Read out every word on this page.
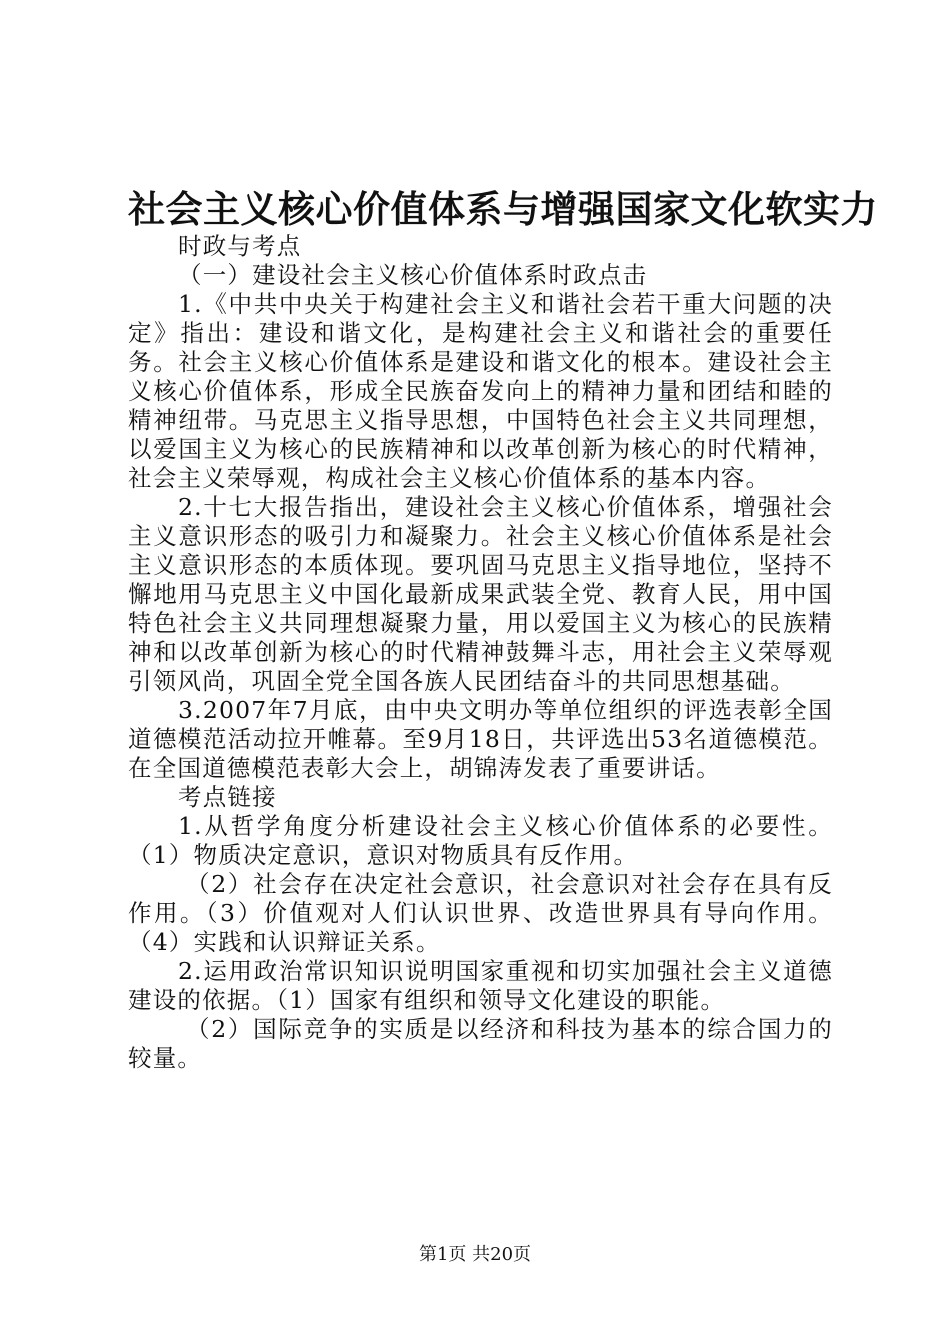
社会主义核心价值体系与增强国家文化软实力

时政与考点

（一）建设社会主义核心价值体系时政点击

1.《中共中央关于构建社会主义和谐社会若干重大问题的决定》指出：建设和谐文化，是构建社会主义和谐社会的重要任务。社会主义核心价值体系是建设和谐文化的根本。建设社会主义核心价值体系，形成全民族奋发向上的精神力量和团结和睦的精神纽带。马克思主义指导思想，中国特色社会主义共同理想，以爱国主义为核心的民族精神和以改革创新为核心的时代精神，社会主义荣辱观，构成社会主义核心价值体系的基本内容。

2.十七大报告指出，建设社会主义核心价值体系，增强社会主义意识形态的吸引力和凝聚力。社会主义核心价值体系是社会主义意识形态的本质体现。要巩固马克思主义指导地位，坚持不懈地用马克思主义中国化最新成果武装全党、教育人民，用中国特色社会主义共同理想凝聚力量，用以爱国主义为核心的民族精神和以改革创新为核心的时代精神鼓舞斗志，用社会主义荣辱观引领风尚，巩固全党全国各族人民团结奋斗的共同思想基础。

3.2007年7月底，由中央文明办等单位组织的评选表彰全国道德模范活动拉开帷幕。至9月18日，共评选出53名道德模范。在全国道德模范表彰大会上，胡锦涛发表了重要讲话。

考点链接

1.从哲学角度分析建设社会主义核心价值体系的必要性。（1）物质决定意识，意识对物质具有反作用。

（2）社会存在决定社会意识，社会意识对社会存在具有反作用。（3）价值观对人们认识世界、改造世界具有导向作用。（4）实践和认识辩证关系。

2.运用政治常识知识说明国家重视和切实加强社会主义道德建设的依据。（1）国家有组织和领导文化建设的职能。

（2）国际竞争的实质是以经济和科技为基本的综合国力的较量。

第1页 共20页
